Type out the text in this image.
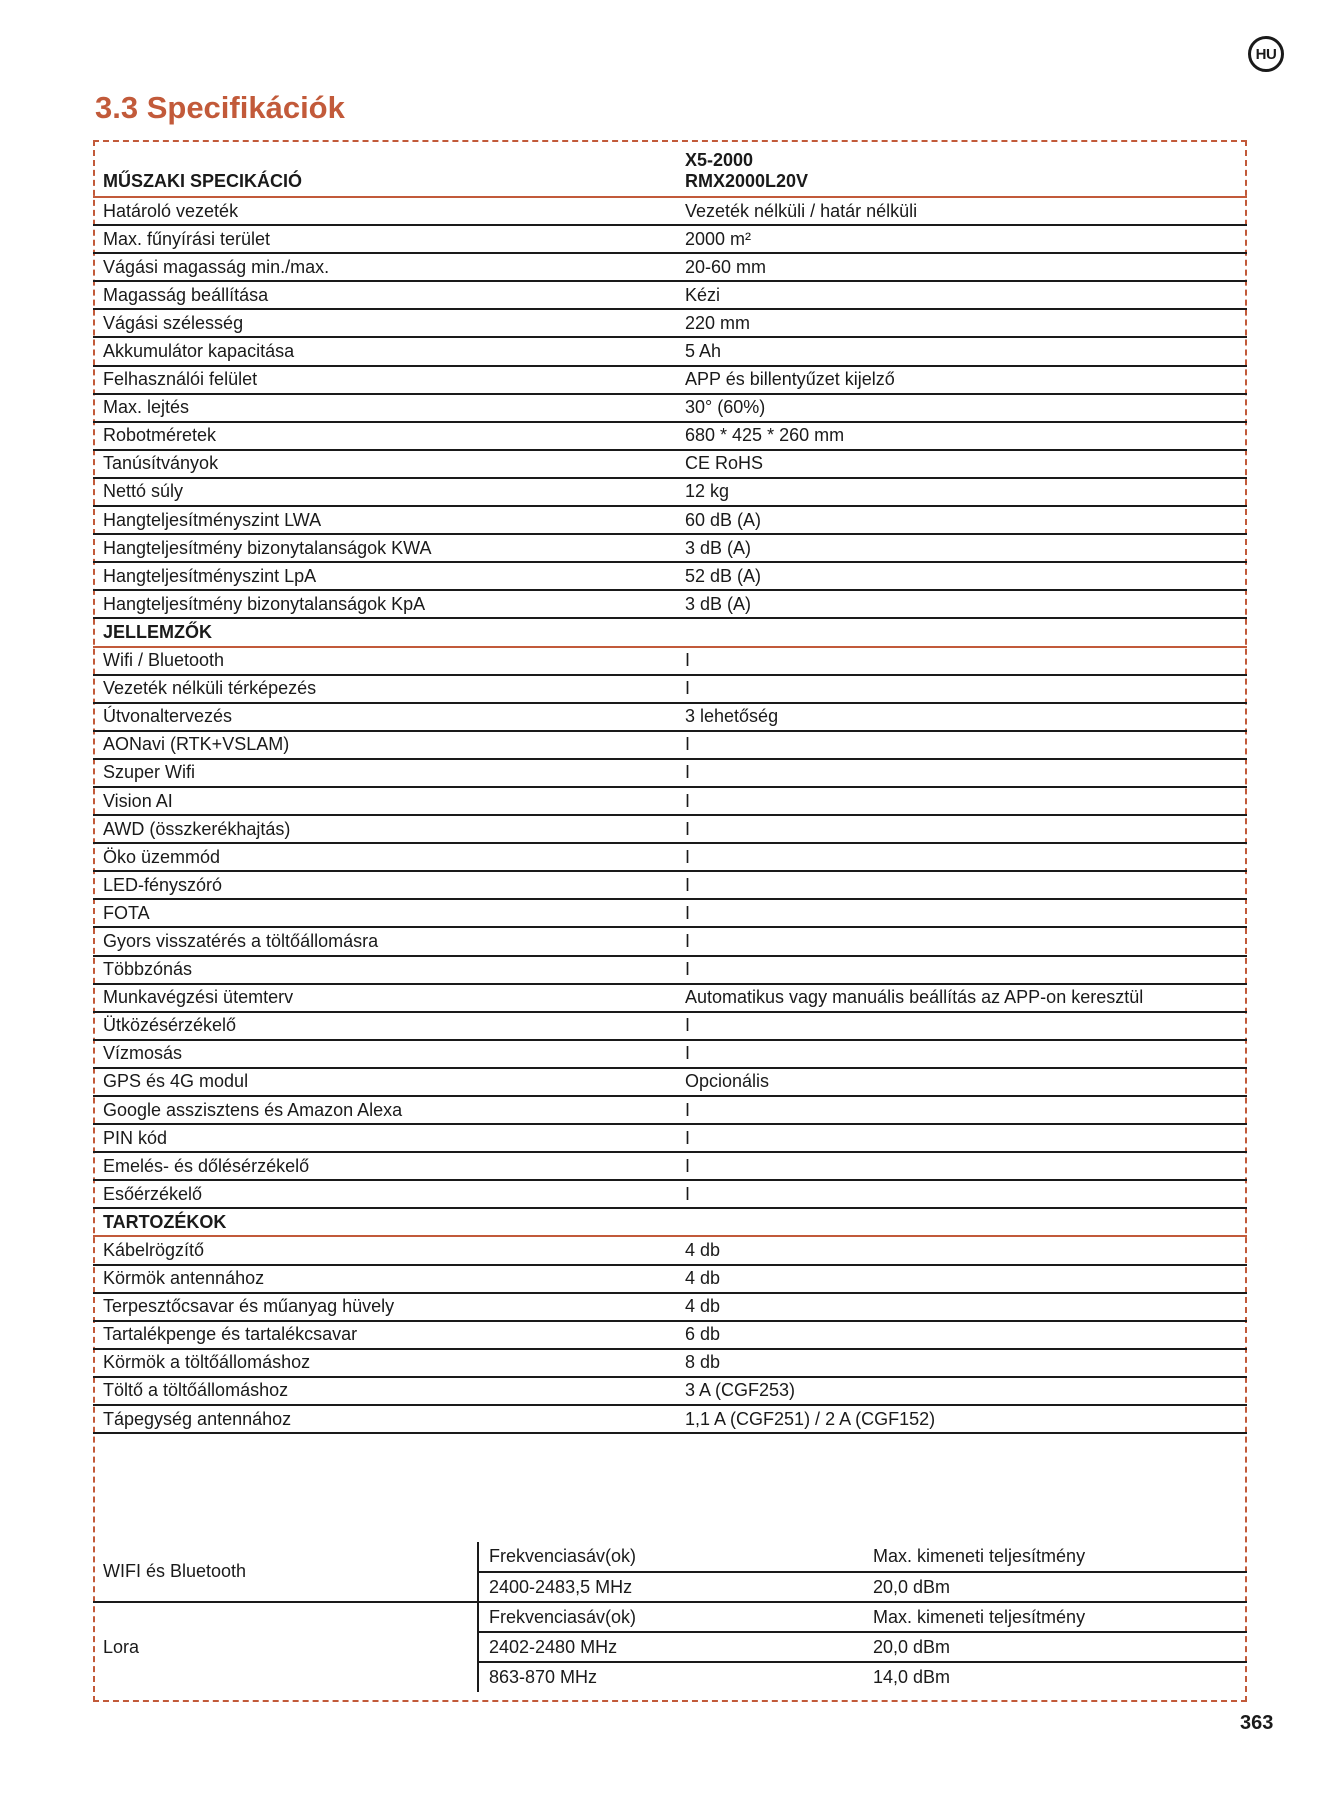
HU
3.3 Specifikációk
MŰSZAKI SPECIKÁCIÓ	X5-2000
RMX2000L20V

Határoló vezeték	Vezeték nélküli / határ nélküli
Max. fűnyírási terület	2000 m²
Vágási magasság min./max.	20-60 mm
Magasság beállítása	Kézi
Vágási szélesség	220 mm
Akkumulátor kapacitása	5 Ah
Felhasználói felület	APP és billentyűzet kijelző
Max. lejtés	30° (60%)
Robotméretek	680 * 425 * 260 mm
Tanúsítványok	CE RoHS
Nettó súly	12 kg
Hangteljesítményszint LWA	60 dB (A)
Hangteljesítmény bizonytalanságok KWA	3 dB (A)
Hangteljesítményszint LpA	52 dB (A)
Hangteljesítmény bizonytalanságok KpA	3 dB (A)
JELLEMZŐK	
Wifi / Bluetooth	I
Vezeték nélküli térképezés	I
Útvonaltervezés	3 lehetőség
AONavi (RTK+VSLAM)	I
Szuper Wifi	I
Vision AI	I
AWD (összkerékhajtás)	I
Öko üzemmód	I
LED-fényszóró	I
FOTA	I
Gyors visszatérés a töltőállomásra	I
Többzónás	I
Munkavégzési ütemterv	Automatikus vagy manuális beállítás az APP-on keresztül
Ütközésérzékelő	I
Vízmosás	I
GPS és 4G modul	Opcionális
Google asszisztens és Amazon Alexa	I
PIN kód	I
Emelés- és dőlésérzékelő	I
Esőérzékelő	I
TARTOZÉKOK	
Kábelrögzítő	4 db
Körmök antennához	4 db
Terpesztőcsavar és műanyag hüvely	4 db
Tartalékpenge és tartalékcsavar	6 db
Körmök a töltőállomáshoz	8 db
Töltő a töltőállomáshoz	3 A (CGF253)
Tápegység antennához	1,1 A (CGF251) / 2 A (CGF152)
WIFI és Bluetooth	Frekvenciasáv(ok)	Max. kimeneti teljesítmény
	2400-2483,5 MHz	20,0 dBm
Lora	Frekvenciasáv(ok)	Max. kimeneti teljesítmény
	2402-2480 MHz	20,0 dBm
	863-870 MHz	14,0 dBm
363
